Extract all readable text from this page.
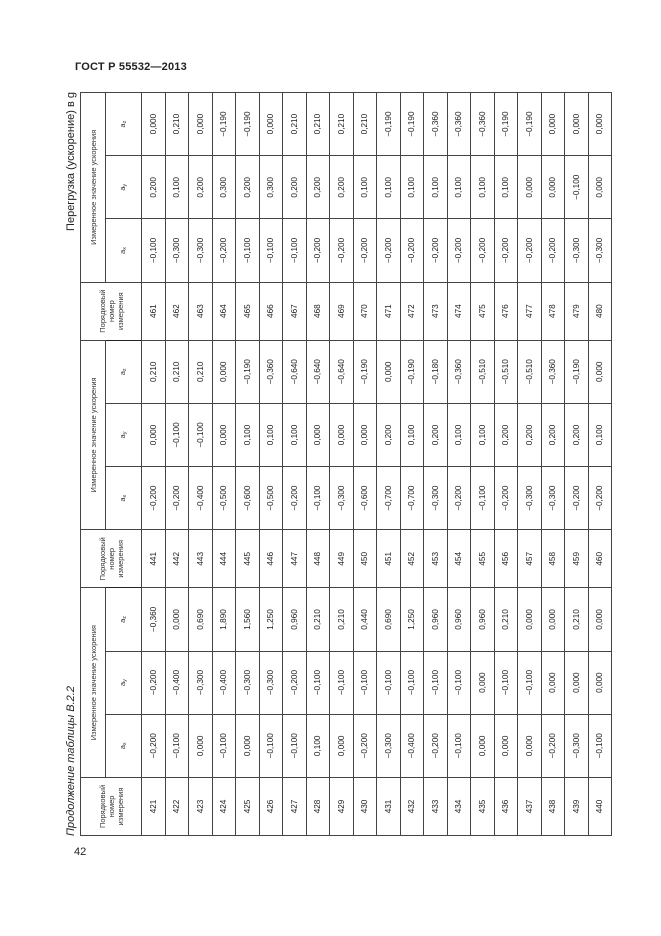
ГОСТ Р 55532—2013
Продолжение таблицы В.2.2
Перегрузка (ускорение) в g
Порядковый
номер
измерения	Измеренное значение ускорения			Порядковый
номер
измерения	Измеренное значение ускорения			Порядковый
номер
измерения	Измеренное значение ускорения		
	ax	ay	az		ax	ay	az		ax	ay	az
421	−0,200	−0,200	−0,360	441	−0,200	0,000	0,210	461	−0,100	0,200	0,000
422	−0,100	−0,400	0,000	442	−0,200	−0,100	0,210	462	−0,300	0,100	0,210
423	0,000	−0,300	0,690	443	−0,400	−0,100	0,210	463	−0,300	0,200	0,000
424	−0,100	−0,400	1,890	444	−0,500	0,000	0,000	464	−0,200	0,300	−0,190
425	0,000	−0,300	1,560	445	−0,600	0,100	−0,190	465	−0,100	0,200	−0,190
426	−0,100	−0,300	1,250	446	−0,500	0,100	−0,360	466	−0,100	0,300	0,000
427	−0,100	−0,200	0,960	447	−0,200	0,100	−0,640	467	−0,100	0,200	0,210
428	0,100	−0,100	0,210	448	−0,100	0,000	−0,640	468	−0,200	0,200	0,210
429	0,000	−0,100	0,210	449	−0,300	0,000	−0,640	469	−0,200	0,200	0,210
430	−0,200	−0,100	0,440	450	−0,600	0,000	−0,190	470	−0,200	0,100	0,210
431	−0,300	−0,100	0,690	451	−0,700	0,200	0,000	471	−0,200	0,100	−0,190
432	−0,400	−0,100	1,250	452	−0,700	0,100	−0,190	472	−0,200	0,100	−0,190
433	−0,200	−0,100	0,960	453	−0,300	0,200	−0,180	473	−0,200	0,100	−0,360
434	−0,100	−0,100	0,960	454	−0,200	0,100	−0,360	474	−0,200	0,100	−0,360
435	0,000	0,000	0,960	455	−0,100	0,100	−0,510	475	−0,200	0,100	−0,360
436	0,000	−0,100	0,210	456	−0,200	0,200	−0,510	476	−0,200	0,100	−0,190
437	0,000	−0,100	0,000	457	−0,300	0,200	−0,510	477	−0,200	0,000	−0,190
438	−0,200	0,000	0,000	458	−0,300	0,200	−0,360	478	−0,200	0,000	0,000
439	−0,300	0,000	0,210	459	−0,200	0,200	−0,190	479	−0,300	−0,100	0,000
440	−0,100	0,000	0,000	460	−0,200	0,100	0,000	480	−0,300	0,000	0,000
42
